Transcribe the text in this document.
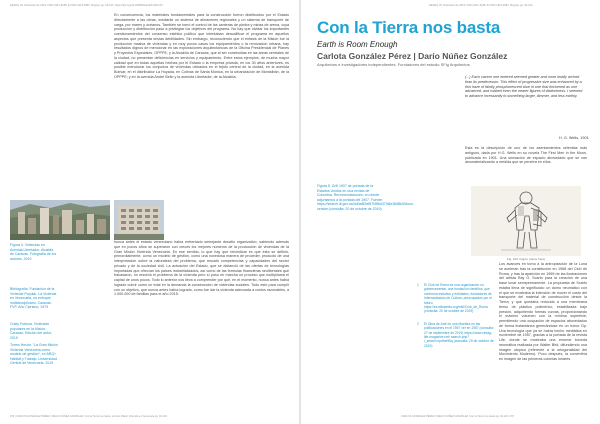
DEARQ 33. Diciembre de 2019. ISSN 2011-3188. E-ISSN 2215-969X. Bogotá, pp. 94-104. https://doi.org/10.18389/dearq25.2019.05
En consecuencia, los materiales fundamentales para la construcción fueron distribuidos por el Estado directamente a las obras, mediante un sistema de almacenes regionales y un sistema de transporte de carga, por mares y océanos. También se tomó el control de las canteras de piedra y minas de arena, cuya producción y distribución pasó a privilegiar los objetivos del programa. No hay que olvidar los importantes cuestionamientos del consenso estético político que intentaban descalificar el programa en aquellos aspectos que presenta obvias debilidades. Sin embargo, reconociendo que el énfasis de la Misión fue la producción masiva de viviendas y en muy pocos casos los equipamientos o la renovación urbana, hay resultados dignos de mencionar en las exploraciones arquitectónicas de la Oficina Presidencial de Planes y Proyectos Especiales, OPPPE, y la Alcaldía de Caracas, que al ser construidas en las áreas centrales de la ciudad, no presentan deficiencias en servicios y equipamiento. Entre estos ejemplos, de mucha mayor calidad que en todas aquellas hechas por el Estado o la empresa privada, en los 30 años anteriores, es posible mencionar los conjuntos de viviendas ubicados en el tejido central de la ciudad, en la avenida Bolívar, en el distribuidor La Hoyada, en Colinas de Santa Mónica, en la urbanización de Montalbán, de la OPPPE; y en la avenida André Bello y la avenida Libertador, de la Alcaldía.
Figura 4. Viviendas en Avenida Libertador, Alcaldía de Caracas. Fotografía de los autores, 2019
hunca antes el estado venezolano había enfrentado semejante desafío organizativo, sabiendo además que en pocos años se superaron con creces los mejores números de la producción de viviendas de la Gran Misión Vivienda Venezuela. En ese sentido, lo que hay que reivindicar es que ésta se definió, primordialmente, como un modelo de gestión, como una novedosa manera de proceder, producto de una interpretación sobre la naturaleza del problema, que rescató competencias y capacidades del sector privado y de la sociedad civil. La actuación del Estado, que se distanció de las ofertas de tecnologías importadas que ofrecían los países industrializados, así como de las fórmulas financieras neoliberales que fracasaron, no resolvió el problema de la vivienda pero sí puso en marcha un proceso que multiplicará el capital de unos pocos. Todo lo anterior nos lleva a comprender por qué, en el momento, nunca antes había logrado cubrir como un total en la demanda la construcción de viviendas sociales. Todo esto para cumplir con un objetivo, que nunca antes había logrado, como fue dar la vivienda adecuada a costos razonables, a 1.000.000 de familias para el año 2015.
Bibliografía. Fundación de la Vivienda Popular. La Vivienda en Venezuela, un enfoque multidisciplinario. Caracas: FVP, Año Cipriano, 1979
Cristy Fortuna. Viviendas populares en la Misión, Caracas: Edición del autor, 2019
Torres Hector. "La Gran Misión Vivienda Venezuela como modelo de gestión", en ARQ+ Hábitat y Trabajo. Universidad Central de Venezuela, 2019
156 | CARLOS GONZÁLEZ PÉREZ | DIEGO NÚÑEZ GONZÁLEZ. Con la Tierra nos basta: la Gran Misión Vivienda en Venezuela pp. 94-104
DEARQ 33. Diciembre de 2019. ISSN 2011-3188. E-ISSN 2215-969X. Bogotá, pp. 94-104.
Con la Tierra nos basta
Earth is Room Enough
Carlota González Pérez | Darío Núñez González
Arquitectos e investigadores independientes. Fundadores del estudio SFig Arquitectos
(...) Each cavern one entered seemed greater and more boldly arched than its predecessor. This effect of progressive size was enhanced by a thin haze of faintly phosphorescent blue in one that thickened as one advanced, and robbed even the nearer figures of distinctness. I seemed to advance incessantly to something larger, dimmer, and less earthly.
H. G. Wells, 1901
Esta es la descripción de uno de los asentamientos selenitas más antiguos, dada por H.G. Wells en su novela The First Men in the Moon, publicada en 1901. Una sensación de espacio abovedado que se van desmaterializando a medida que se penetra en ellos.
Figura 5. Grill 1907 de portada de la Estados Unidos en una revista de Colombia. Recomendaciones, en donde adjuntamos a la portada del 1907. Fuente: https://search.iit.gov.ua/4d0a8f3ef87f4ff6d37fd6e3b58b0Moon, version (consulta: 20 de octubre de 2019)
Fig. 103. Figure (name here)
1	El Club de Roma es una organización no gubernamental, una fundación científica, que conforma estudios y entidades, fundadores de Intermediación de Cultura, preocupados por el futuro. https://es.wikipedia.org/wiki/Club_de_Roma (consulta: 20 de octubre de 2019)
2	El Obra de Arte en una Muestra en las publicaciones en el 1957 ver en 1957 (consulta: 27 de septiembre de 2019) https://www.vintag-life-magazine.net/ search.php?l_search=ipdfoe56q (consulta: 20 de octubre de 2019)
Los avances en torno a la antropización de la Luna se aceleran tras la constitución en 1968 del Club de Roma, y tras la aparición en 1969 de las ilustraciones del artista Ray G. Scarfo para la creación de una base lunar semipermanente. La propuesta de Scarfo estaba llena de significado: un domo neumático con el que se mostraba la intención de mover el costo del transporte del material de construcción desde la Tierra, y que quedaba reducido a una membrana tenso de plástico polimérico, estabilizada bajo presión, adquiriendo formas curvas, proporcionando el máximo volumen con la mínima superficie; permitiendo una ocupación de espacios abovedados de forma instantánea generándose en un honor Op. Una tecnología que ya se había hecho mediática en noviembre de 1957, gracias a la portada de la revista Life, donde se mostraba una enorme bóveda neumática realizada por Walter Bird, difundiendo una imagen utópica (referente a la ortogonalidad del Movimiento Moderno). Poco después, la convertiría en imagen de las primeras colonias lunares.
CARLOS GONZÁLEZ PÉREZ | DIEGO NÚÑEZ GONZÁLEZ. Con la Tierra nos basta pp. 94-104 | 157
